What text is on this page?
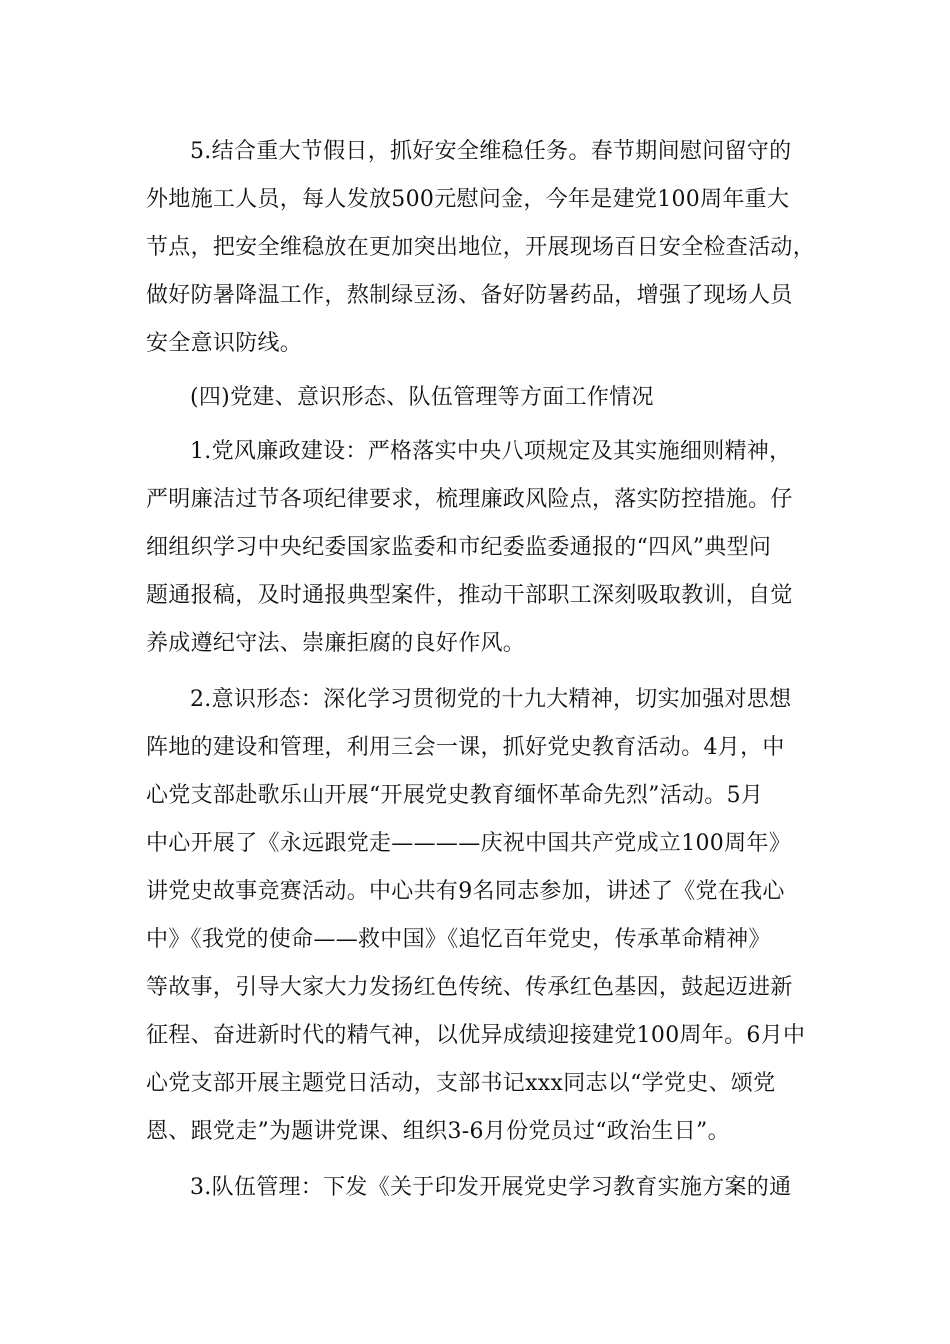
5.结合重大节假日，抓好安全维稳任务。春节期间慰问留守的
外地施工人员，每人发放500元慰问金，今年是建党100周年重大
节点，把安全维稳放在更加突出地位，开展现场百日安全检查活动，
做好防暑降温工作，熬制绿豆汤、备好防暑药品，增强了现场人员
安全意识防线。
(四)党建、意识形态、队伍管理等方面工作情况
1.党风廉政建设：严格落实中央八项规定及其实施细则精神，
严明廉洁过节各项纪律要求，梳理廉政风险点，落实防控措施。仔
细组织学习中央纪委国家监委和市纪委监委通报的“四风”典型问
题通报稿，及时通报典型案件，推动干部职工深刻吸取教训，自觉
养成遵纪守法、崇廉拒腐的良好作风。
2.意识形态：深化学习贯彻党的十九大精神，切实加强对思想
阵地的建设和管理，利用三会一课，抓好党史教育活动。4月，中
心党支部赴歌乐山开展“开展党史教育缅怀革命先烈”活动。5月
中心开展了《永远跟党走————庆祝中国共产党成立100周年》
讲党史故事竞赛活动。中心共有9名同志参加，讲述了《党在我心
中》《我党的使命——救中国》《追忆百年党史，传承革命精神》
等故事，引导大家大力发扬红色传统、传承红色基因，鼓起迈进新
征程、奋进新时代的精气神，以优异成绩迎接建党100周年。6月中
心党支部开展主题党日活动，支部书记xxx同志以“学党史、颂党
恩、跟党走”为题讲党课、组织3-6月份党员过“政治生日”。
3.队伍管理：下发《关于印发开展党史学习教育实施方案的通
